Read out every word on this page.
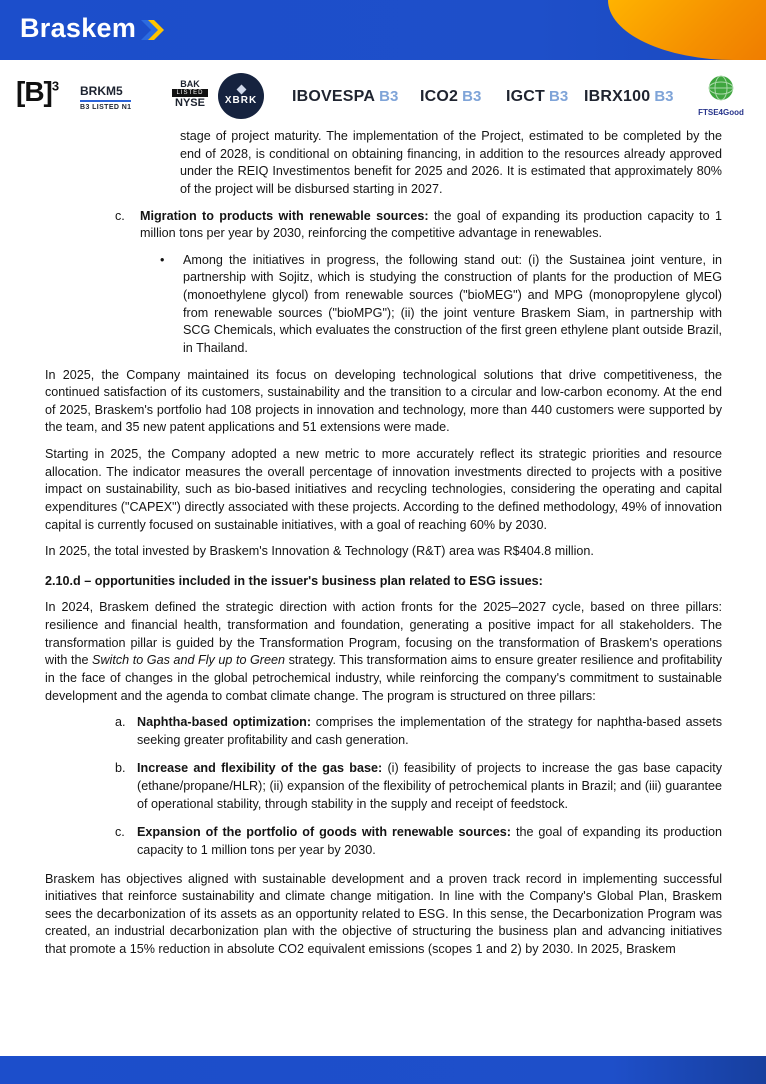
Braskem
$[B]^3$ BRKM5
B3 LISTED N1
BAK
LISTED
NYSE	XBRK IBOVESPA B3 ICO2 B3 IGCT B3 IBRX100 B3
FTSE4Good

stage of project maturity. The implementation of the Project, estimated to be completed by the end of 2028, is conditional on obtaining financing, in addition to the resources already approved under the REIQ Investimentos benefit for 2025 and 2026. It is estimated that approximately 80% of the project will be disbursed starting in 2027.

c.	Migration to products with renewable sources: the goal of expanding its production capacity to 1 million tons per year by 2030, reinforcing the competitive advantage in renewables.
•	Among the initiatives in progress, the following stand out: (i) the Sustainea joint venture, in partnership with Sojitz, which is studying the construction of plants for the production of MEG (monoethylene glycol) from renewable sources ("bioMEG") and MPG (monopropylene glycol) from renewable sources ("bioMPG"); (ii) the joint venture Braskem Siam, in partnership with SCG Chemicals, which evaluates the construction of the first green ethylene plant outside Brazil, in Thailand.

In 2025, the Company maintained its focus on developing technological solutions that drive competitiveness, the continued satisfaction of its customers, sustainability and the transition to a circular and low-carbon economy. At the end of 2025, Braskem's portfolio had 108 projects in innovation and technology, more than 440 customers were supported by the team, and 35 new patent applications and 51 extensions were made.

Starting in 2025, the Company adopted a new metric to more accurately reflect its strategic priorities and resource allocation. The indicator measures the overall percentage of innovation investments directed to projects with a positive impact on sustainability, such as bio-based initiatives and recycling technologies, considering the operating and capital expenditures ("CAPEX") directly associated with these projects. According to the defined methodology, 49% of innovation capital is currently focused on sustainable initiatives, with a goal of reaching 60% by 2030.

In 2025, the total invested by Braskem's Innovation & Technology (R&T) area was R$404.8 million.

2.10.d – opportunities included in the issuer's business plan related to ESG issues:

In 2024, Braskem defined the strategic direction with action fronts for the 2025–2027 cycle, based on three pillars: resilience and financial health, transformation and foundation, generating a positive impact for all stakeholders. The transformation pillar is guided by the Transformation Program, focusing on the transformation of Braskem's operations with the Switch to Gas and Fly up to Green strategy. This transformation aims to ensure greater resilience and profitability in the face of changes in the global petrochemical industry, while reinforcing the company's commitment to sustainable development and the agenda to combat climate change. The program is structured on three pillars:

a. Naphtha-based optimization: comprises the implementation of the strategy for naphtha-based assets seeking greater profitability and cash generation.
b. Increase and flexibility of the gas base: (i) feasibility of projects to increase the gas base capacity (ethane/propane/HLR); (ii) expansion of the flexibility of petrochemical plants in Brazil; and (iii) guarantee of operational stability, through stability in the supply and receipt of feedstock.
c. Expansion of the portfolio of goods with renewable sources: the goal of expanding its production capacity to 1 million tons per year by 2030.

Braskem has objectives aligned with sustainable development and a proven track record in implementing successful initiatives that reinforce sustainability and climate change mitigation. In line with the Company's Global Plan, Braskem sees the decarbonization of its assets as an opportunity related to ESG. In this sense, the Decarbonization Program was created, an industrial decarbonization plan with the objective of structuring the business plan and advancing initiatives that promote a 15% reduction in absolute CO2 equivalent emissions (scopes 1 and 2) by 2030. In 2025, Braskem
